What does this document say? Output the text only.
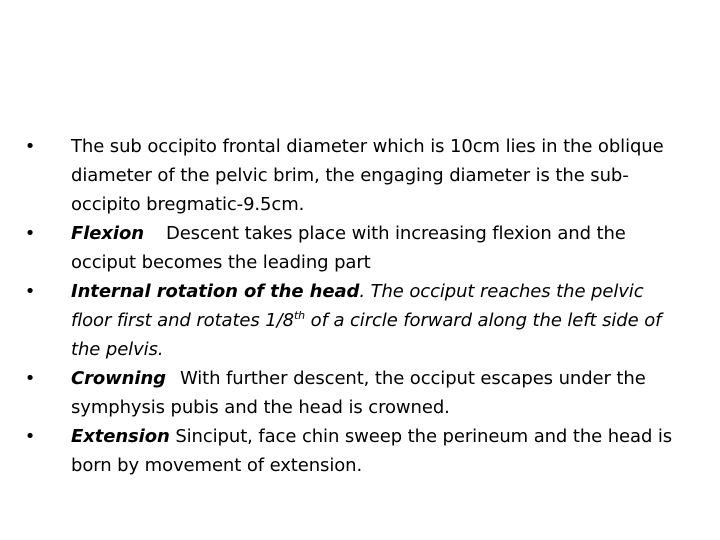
• The sub occipito frontal diameter which is 10cm lies in the oblique diameter of the pelvic brim, the engaging diameter is the sub-occipito bregmatic-9.5cm.
• Flexion Descent takes place with increasing flexion and the occiput becomes the leading part
• Internal rotation of the head. The occiput reaches the pelvic floor first and rotates 1/8th of a circle forward along the left side of the pelvis.
• Crowning With further descent, the occiput escapes under the symphysis pubis and the head is crowned.
• Extension Sinciput, face chin sweep the perineum and the head is born by movement of extension.
